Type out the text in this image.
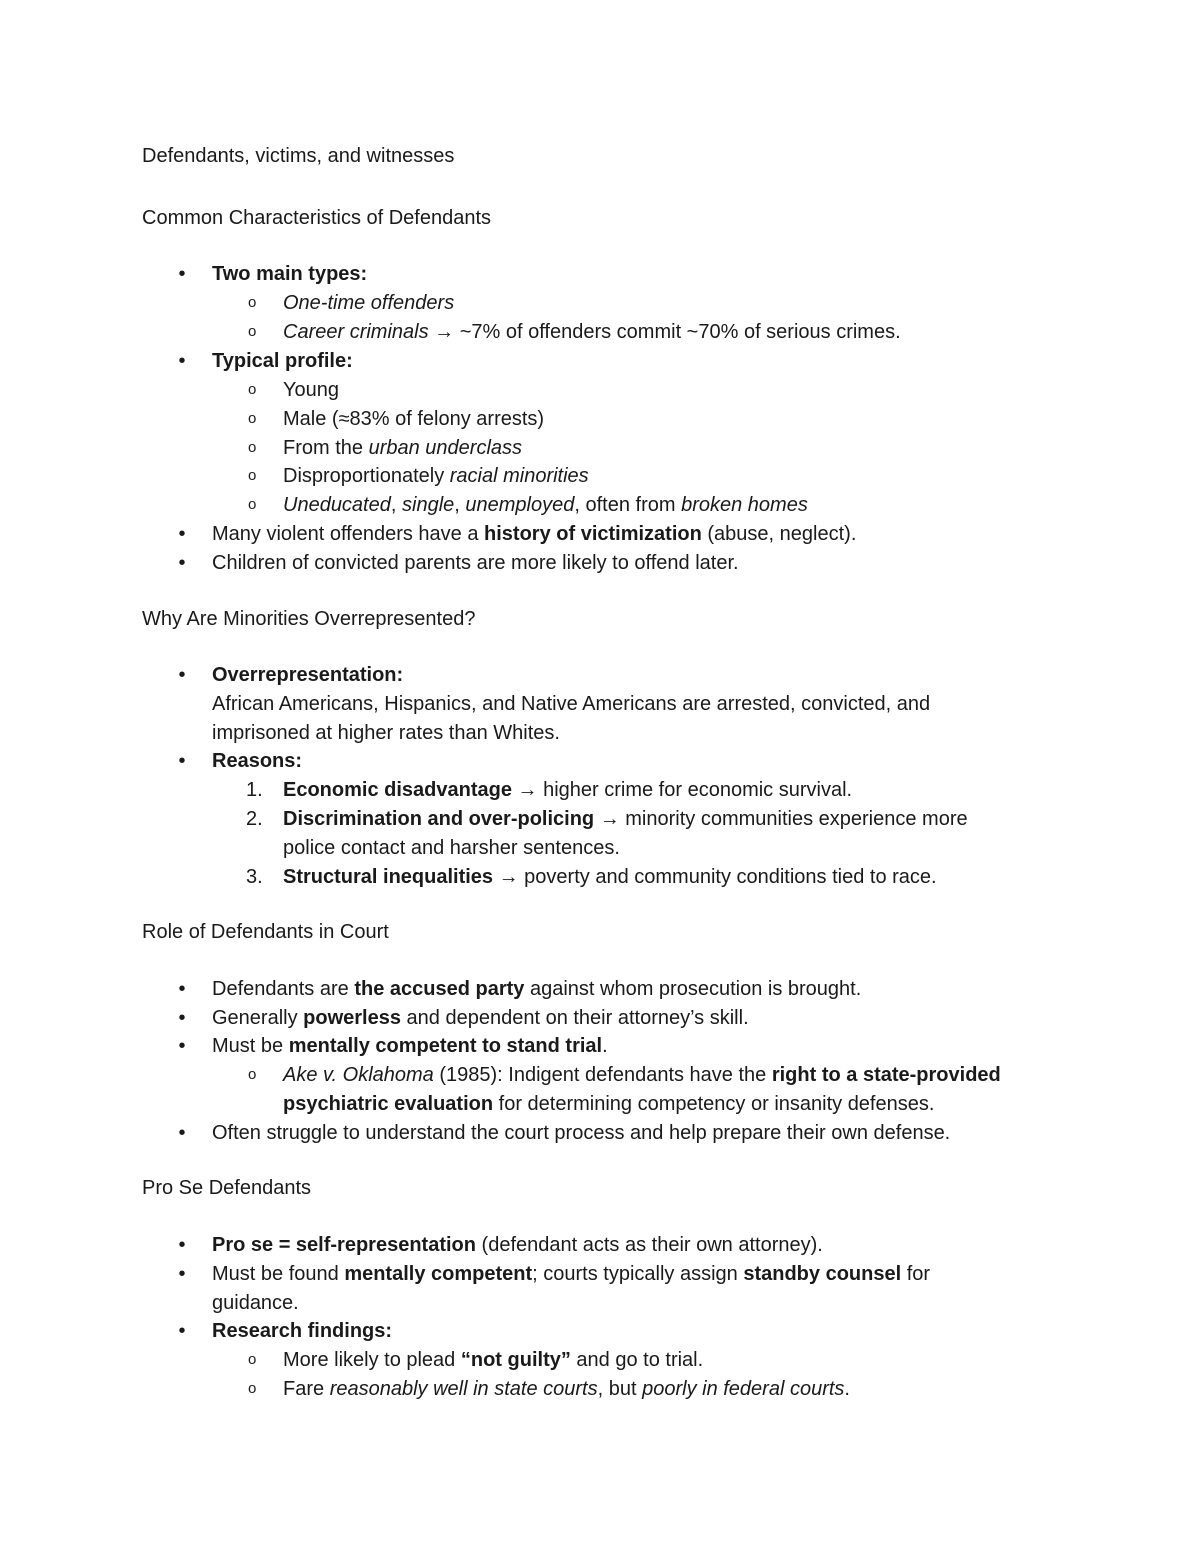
Defendants, victims, and witnesses
Common Characteristics of Defendants
• Two main types:
o One-time offenders
o Career criminals → ~7% of offenders commit ~70% of serious crimes.
• Typical profile:
o Young
o Male (≈83% of felony arrests)
o From the urban underclass
o Disproportionately racial minorities
o Uneducated, single, unemployed, often from broken homes
• Many violent offenders have a history of victimization (abuse, neglect).
• Children of convicted parents are more likely to offend later.
Why Are Minorities Overrepresented?
• Overrepresentation:
African Americans, Hispanics, and Native Americans are arrested, convicted, and
imprisoned at higher rates than Whites.
• Reasons:
1. Economic disadvantage → higher crime for economic survival.
2. Discrimination and over-policing → minority communities experience more
police contact and harsher sentences.
3. Structural inequalities → poverty and community conditions tied to race.
Role of Defendants in Court
• Defendants are the accused party against whom prosecution is brought.
• Generally powerless and dependent on their attorney’s skill.
• Must be mentally competent to stand trial.
o Ake v. Oklahoma (1985): Indigent defendants have the right to a state-provided
psychiatric evaluation for determining competency or insanity defenses.
• Often struggle to understand the court process and help prepare their own defense.
Pro Se Defendants
• Pro se = self-representation (defendant acts as their own attorney).
• Must be found mentally competent; courts typically assign standby counsel for
guidance.
• Research findings:
o More likely to plead “not guilty” and go to trial.
o Fare reasonably well in state courts, but poorly in federal courts.
